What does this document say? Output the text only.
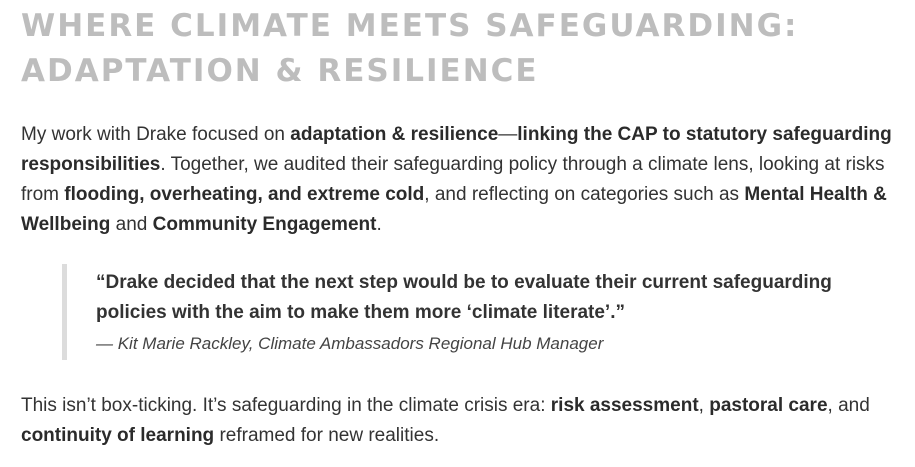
WHERE CLIMATE MEETS SAFEGUARDING:
ADAPTATION & RESILIENCE

My work with Drake focused on adaptation & resilience—linking the CAP to statutory safeguarding responsibilities. Together, we audited their safeguarding policy through a climate lens, looking at risks from flooding, overheating, and extreme cold, and reflecting on categories such as Mental Health & Wellbeing and Community Engagement.

“Drake decided that the next step would be to evaluate their current safeguarding policies with the aim to make them more ‘climate literate’.”

— Kit Marie Rackley, Climate Ambassadors Regional Hub Manager

This isn’t box-ticking. It’s safeguarding in the climate crisis era: risk assessment, pastoral care, and continuity of learning reframed for new realities.
